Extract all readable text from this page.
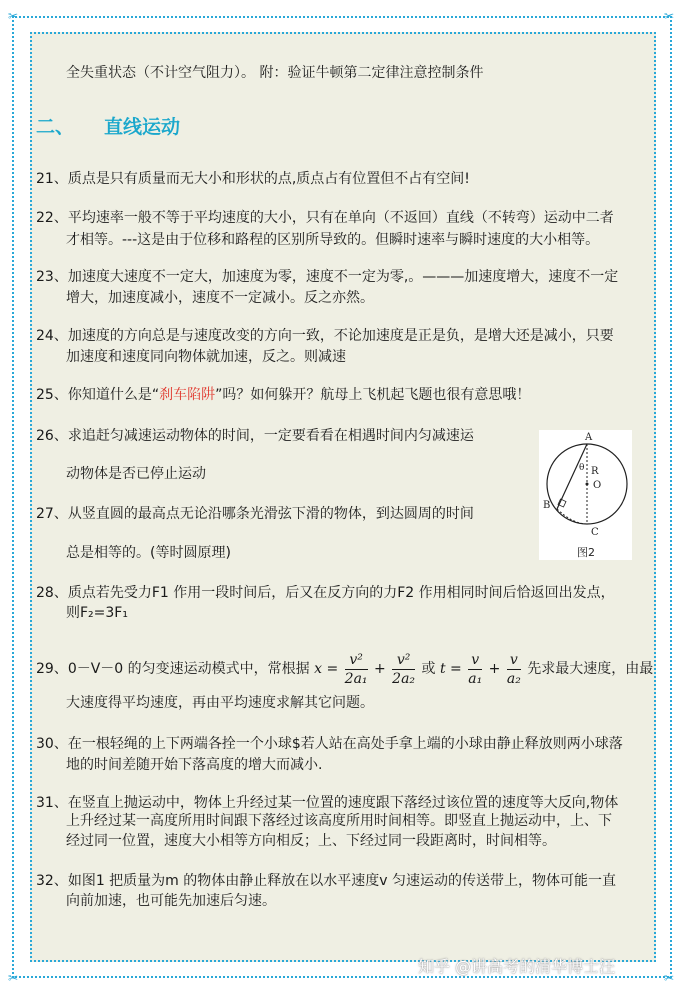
✂	✂
✂	✂
全失重状态（不计空气阻力）。 附：验证牛顿第二定律注意控制条件
二、 直线运动
21、质点是只有质量而无大小和形状的点,质点占有位置但不占有空间!
22、平均速率一般不等于平均速度的大小，只有在单向（不返回）直线（不转弯）运动中二者
才相等。---这是由于位移和路程的区别所导致的。但瞬时速率与瞬时速度的大小相等。
23、加速度大速度不一定大，加速度为零，速度不一定为零,。———加速度增大，速度不一定
增大，加速度减小，速度不一定减小。反之亦然。
24、加速度的方向总是与速度改变的方向一致，不论加速度是正是负，是增大还是减小，只要
加速度和速度同向物体就加速，反之。则减速
25、你知道什么是“刹车陷阱”吗？如何躲开？航母上飞机起飞题也很有意思哦！
26、求追赶匀减速运动物体的时间，一定要看看在相遇时间内匀减速运
动物体是否已停止运动
27、从竖直圆的最高点无论沿哪条光滑弦下滑的物体，到达圆周的时间
总是相等的。(等时圆原理)
28、质点若先受力F1 作用一段时间后，后又在反方向的力F2 作用相同时间后恰返回出发点，
则F₂=3F₁
29、0－V－0 的匀变速运动模式中，常根据 $x = \frac{\text{v²}}{\text{2a₁}} + \frac{\text{v²}}{\text{2a₂}}$ 或 $t = \frac{v}{\text{a₁}} + \frac{v}{\text{a₂}}$ 先求最大速度，由最
大速度得平均速度，再由平均速度求解其它问题。
30、在一根轻绳的上下两端各拴一个小球$若人站在高处手拿上端的小球由静止释放则两小球落
地的时间差随开始下落高度的增大而减小.
31、在竖直上抛运动中，物体上升经过某一位置的速度跟下落经过该位置的速度等大反向,物体
上升经过某一高度所用时间跟下落经过该高度所用时间相等。即竖直上抛运动中，上、下
经过同一位置，速度大小相等方向相反；上、下经过同一段距离时，时间相等。
32、如图1 把质量为m 的物体由静止释放在以水平速度v 匀速运动的传送带上，物体可能一直
向前加速，也可能先加速后匀速。
A
B
C
R
O
θ
图2
知乎 @讲高考的清华博士汪
